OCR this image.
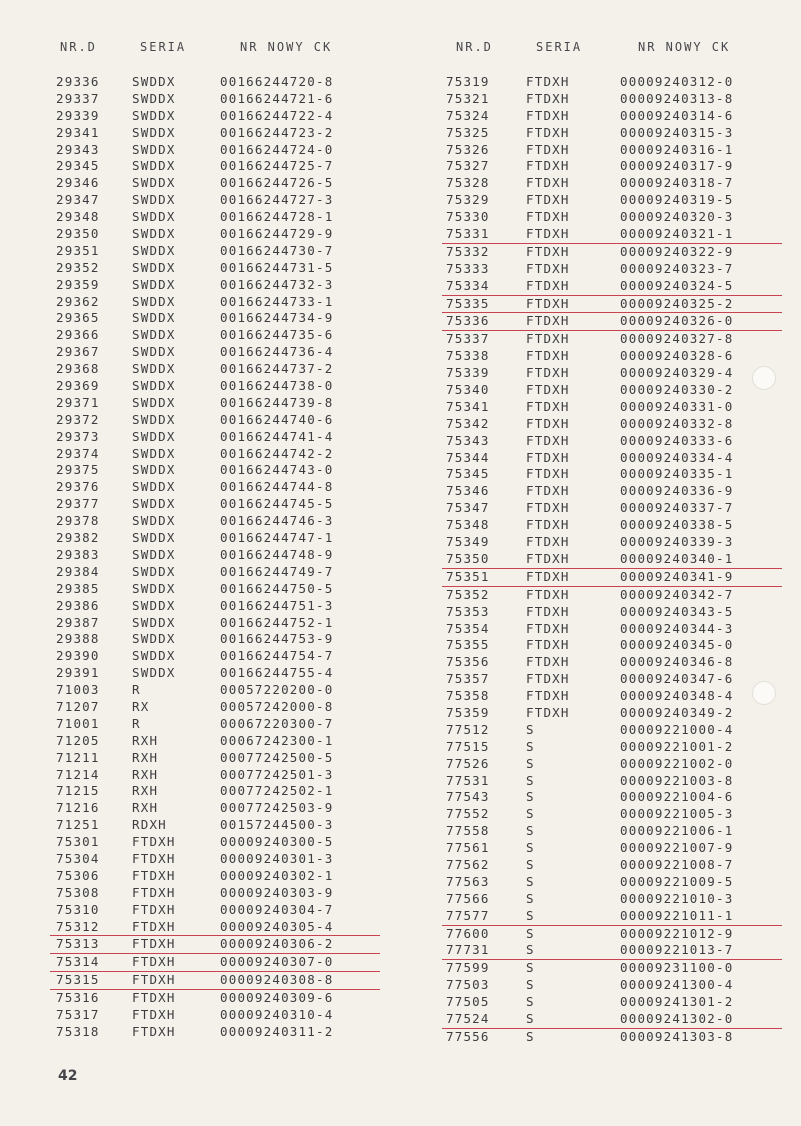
NR.D	SERIA	NR NOWY CK
29336	SWDDX	00166244720-8
29337	SWDDX	00166244721-6
29339	SWDDX	00166244722-4
29341	SWDDX	00166244723-2
29343	SWDDX	00166244724-0
29345	SWDDX	00166244725-7
29346	SWDDX	00166244726-5
29347	SWDDX	00166244727-3
29348	SWDDX	00166244728-1
29350	SWDDX	00166244729-9
29351	SWDDX	00166244730-7
29352	SWDDX	00166244731-5
29359	SWDDX	00166244732-3
29362	SWDDX	00166244733-1
29365	SWDDX	00166244734-9
29366	SWDDX	00166244735-6
29367	SWDDX	00166244736-4
29368	SWDDX	00166244737-2
29369	SWDDX	00166244738-0
29371	SWDDX	00166244739-8
29372	SWDDX	00166244740-6
29373	SWDDX	00166244741-4
29374	SWDDX	00166244742-2
29375	SWDDX	00166244743-0
29376	SWDDX	00166244744-8
29377	SWDDX	00166244745-5
29378	SWDDX	00166244746-3
29382	SWDDX	00166244747-1
29383	SWDDX	00166244748-9
29384	SWDDX	00166244749-7
29385	SWDDX	00166244750-5
29386	SWDDX	00166244751-3
29387	SWDDX	00166244752-1
29388	SWDDX	00166244753-9
29390	SWDDX	00166244754-7
29391	SWDDX	00166244755-4
71003	R	00057220200-0
71207	RX	00057242000-8
71001	R	00067220300-7
71205	RXH	00067242300-1
71211	RXH	00077242500-5
71214	RXH	00077242501-3
71215	RXH	00077242502-1
71216	RXH	00077242503-9
71251	RDXH	00157244500-3
75301	FTDXH	00009240300-5
75304	FTDXH	00009240301-3
75306	FTDXH	00009240302-1
75308	FTDXH	00009240303-9
75310	FTDXH	00009240304-7
75312	FTDXH	00009240305-4
75313	FTDXH	00009240306-2
75314	FTDXH	00009240307-0
75315	FTDXH	00009240308-8
75316	FTDXH	00009240309-6
75317	FTDXH	00009240310-4
75318	FTDXH	00009240311-2
NR.D	SERIA	NR NOWY CK
75319	FTDXH	00009240312-0
75321	FTDXH	00009240313-8
75324	FTDXH	00009240314-6
75325	FTDXH	00009240315-3
75326	FTDXH	00009240316-1
75327	FTDXH	00009240317-9
75328	FTDXH	00009240318-7
75329	FTDXH	00009240319-5
75330	FTDXH	00009240320-3
75331	FTDXH	00009240321-1
75332	FTDXH	00009240322-9
75333	FTDXH	00009240323-7
75334	FTDXH	00009240324-5
75335	FTDXH	00009240325-2
75336	FTDXH	00009240326-0
75337	FTDXH	00009240327-8
75338	FTDXH	00009240328-6
75339	FTDXH	00009240329-4
75340	FTDXH	00009240330-2
75341	FTDXH	00009240331-0
75342	FTDXH	00009240332-8
75343	FTDXH	00009240333-6
75344	FTDXH	00009240334-4
75345	FTDXH	00009240335-1
75346	FTDXH	00009240336-9
75347	FTDXH	00009240337-7
75348	FTDXH	00009240338-5
75349	FTDXH	00009240339-3
75350	FTDXH	00009240340-1
75351	FTDXH	00009240341-9
75352	FTDXH	00009240342-7
75353	FTDXH	00009240343-5
75354	FTDXH	00009240344-3
75355	FTDXH	00009240345-0
75356	FTDXH	00009240346-8
75357	FTDXH	00009240347-6
75358	FTDXH	00009240348-4
75359	FTDXH	00009240349-2
77512	S	00009221000-4
77515	S	00009221001-2
77526	S	00009221002-0
77531	S	00009221003-8
77543	S	00009221004-6
77552	S	00009221005-3
77558	S	00009221006-1
77561	S	00009221007-9
77562	S	00009221008-7
77563	S	00009221009-5
77566	S	00009221010-3
77577	S	00009221011-1
77600	S	00009221012-9
77731	S	00009221013-7
77599	S	00009231100-0
77503	S	00009241300-4
77505	S	00009241301-2
77524	S	00009241302-0
77556	S	00009241303-8
42
